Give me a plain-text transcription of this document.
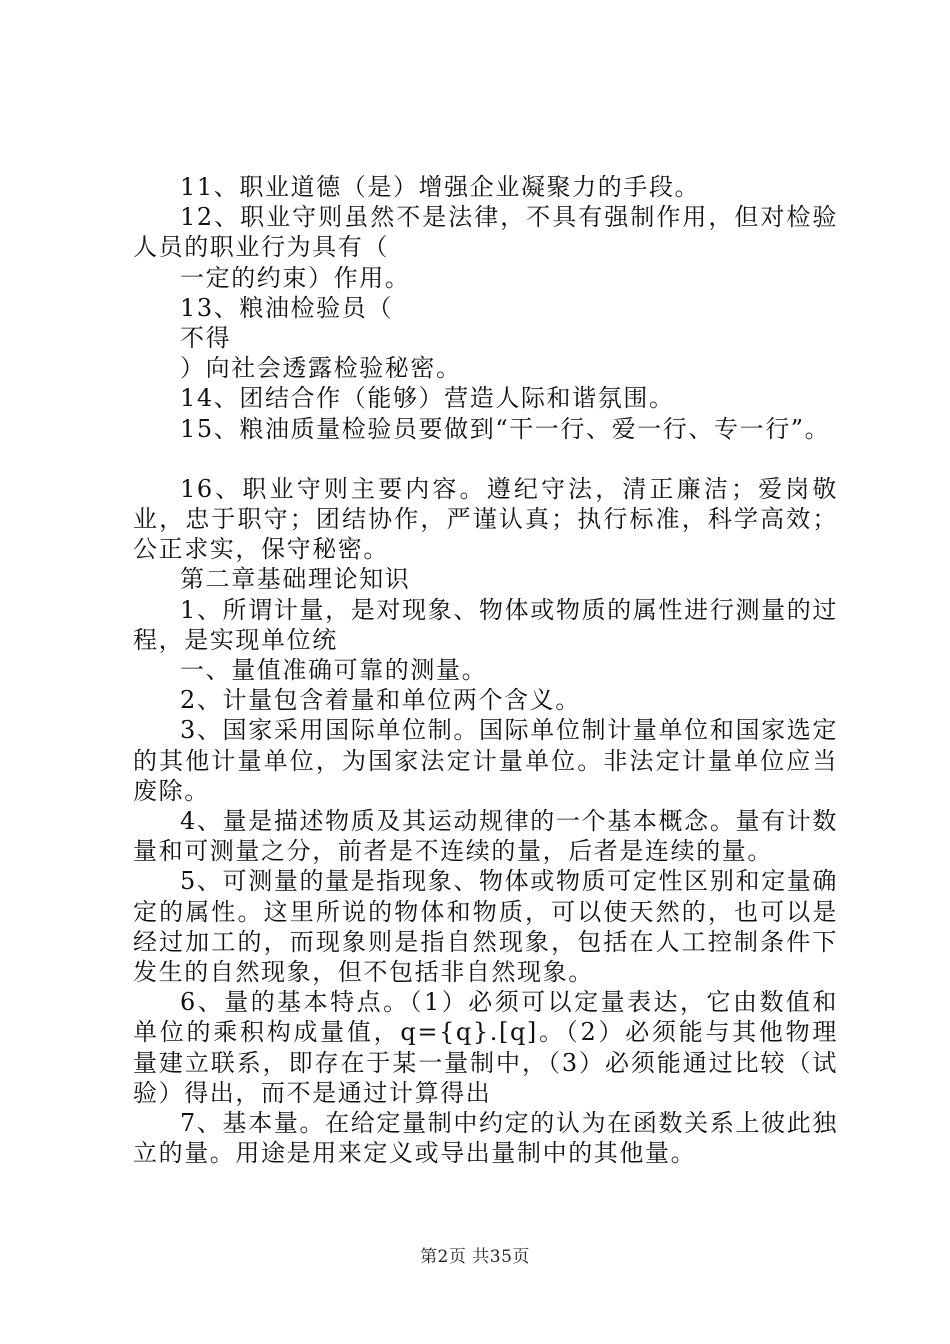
11、职业道德（是）增强企业凝聚力的手段。

12、职业守则虽然不是法律，不具有强制作用，但对检验人员的职业行为具有（

一定的约束）作用。

13、粮油检验员（

不得

）向社会透露检验秘密。

14、团结合作（能够）营造人际和谐氛围。

15、粮油质量检验员要做到“干一行、爱一行、专一行”。

16、职业守则主要内容。遵纪守法，清正廉洁；爱岗敬业，忠于职守；团结协作，严谨认真；执行标准，科学高效；公正求实，保守秘密。

第二章基础理论知识

1、所谓计量，是对现象、物体或物质的属性进行测量的过程，是实现单位统

一、量值准确可靠的测量。

2、计量包含着量和单位两个含义。

3、国家采用国际单位制。国际单位制计量单位和国家选定的其他计量单位，为国家法定计量单位。非法定计量单位应当废除。

4、量是描述物质及其运动规律的一个基本概念。量有计数量和可测量之分，前者是不连续的量，后者是连续的量。

5、可测量的量是指现象、物体或物质可定性区别和定量确定的属性。这里所说的物体和物质，可以使天然的，也可以是经过加工的，而现象则是指自然现象，包括在人工控制条件下发生的自然现象，但不包括非自然现象。

6、量的基本特点。（1）必须可以定量表达，它由数值和单位的乘积构成量值，q={q}.[q]。（2）必须能与其他物理量建立联系，即存在于某一量制中，（3）必须能通过比较（试验）得出，而不是通过计算得出

7、基本量。在给定量制中约定的认为在函数关系上彼此独立的量。用途是用来定义或导出量制中的其他量。

第2页 共35页
